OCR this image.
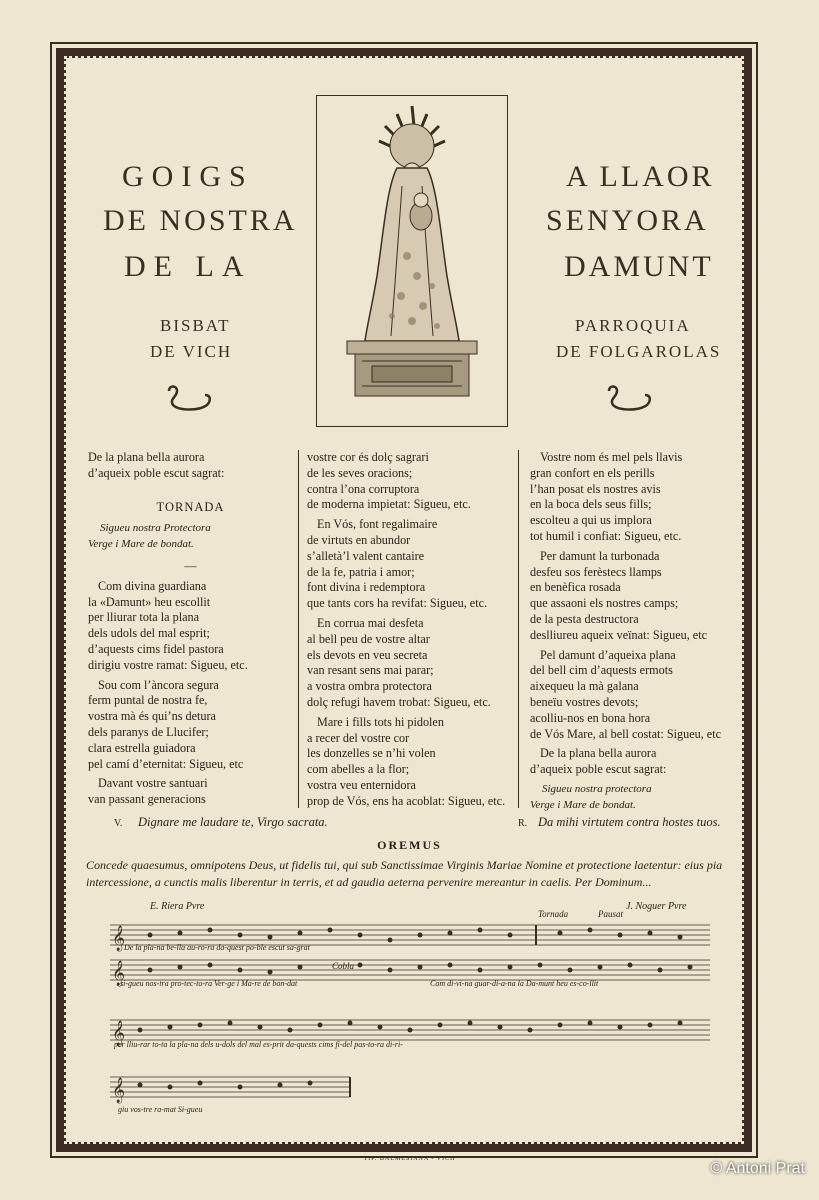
GOIGS
DE NOSTRA
DE LA
A LLAOR
SENYORA
DAMUNT
BISBAT
DE VICH
PARROQUIA
DE FOLGAROLAS

De la plana bella aurora

d’aqueix poble escut sagrat:

TORNADA

Sigueu nostra Protectora

Verge i Mare de bondat.

—

Com divina guardiana

la «Damunt» heu escollit

per lliurar tota la plana

dels udols del mal esprit;

d’aquests cims fidel pastora

dirigiu vostre ramat: Sigueu, etc.

Sou com l’àncora segura

ferm puntal de nostra fe,

vostra mà és qui’ns detura

dels paranys de Llucifer;

clara estrella guiadora

pel camí d’eternitat: Sigueu, etc

Davant vostre santuari

van passant generacions

vostre cor és dolç sagrari

de les seves oracions;

contra l’ona corruptora

de moderna impietat: Sigueu, etc.

En Vós, font regalimaire

de virtuts en abundor

s’alletà’l valent cantaire

de la fe, patria i amor;

font divina i redemptora

que tants cors ha revifat: Sigueu, etc.

En corrua mai desfeta

al bell peu de vostre altar

els devots en veu secreta

van resant sens mai parar;

a vostra ombra protectora

dolç refugi havem trobat: Sigueu, etc.

Mare i fills tots hi pidolen

a recer del vostre cor

les donzelles se n’hi volen

com abelles a la flor;

vostra veu enternidora

prop de Vós, ens ha acoblat: Sigueu, etc.

Vostre nom és mel pels llavis

gran confort en els perills

l’han posat els nostres avis

en la boca dels seus fills;

escolteu a qui us implora

tot humil i confiat: Sigueu, etc.

Per damunt la turbonada

desfeu sos ferèstecs llamps

en benèfica rosada

que assaoni els nostres camps;

de la pesta destructora

deslliureu aqueix veïnat: Sigueu, etc

Pel damunt d’aqueixa plana

del bell cim d’aquests ermots

aixequeu la mà galana

beneïu vostres devots;

acolliu-nos en bona hora

de Vós Mare, al bell costat: Sigueu, etc

De la plana bella aurora

d’aqueix poble escut sagrat:

Sigueu nostra protectora

Verge i Mare de bondat.

V. Dignare me laudare te, Virgo sacrata.	R. Da mihi virtutem contra hostes tuos.
OREMUS
Concede quaesumus, omnipotens Deus, ut fidelis tui, qui sub Sanctissimae Virginis Mariae Nomine et protectione laetentur: eius pia intercessione, a cunctis malis liberentur in terris, et ad gaudia aeterna pervenire mereantur in caelis. Per Dominum...
𝄞
𝄞
𝄞
𝄞
E. Riera Pvre	J. Noguer Pvre
Tornada	Pausat
Cobla
De la pla-na be-lla au-ro-ra da-quest po-ble escut sa-grat
si-gueu nos-tra pro-tec-to-ra Ver-ge i Ma-re de bon-dat	Com di-vi-na guar-di-a-na la Da-munt heu es-co-llit
per lliu-rar to-ta la pla-na dels u-dols del mal es-prit da-quests cims fi-del pas-to-ra di-ri-
giu vos-tre ra-mat Si-gueu
TIP. BALMESIANA - VICH
© Antoni Prat
